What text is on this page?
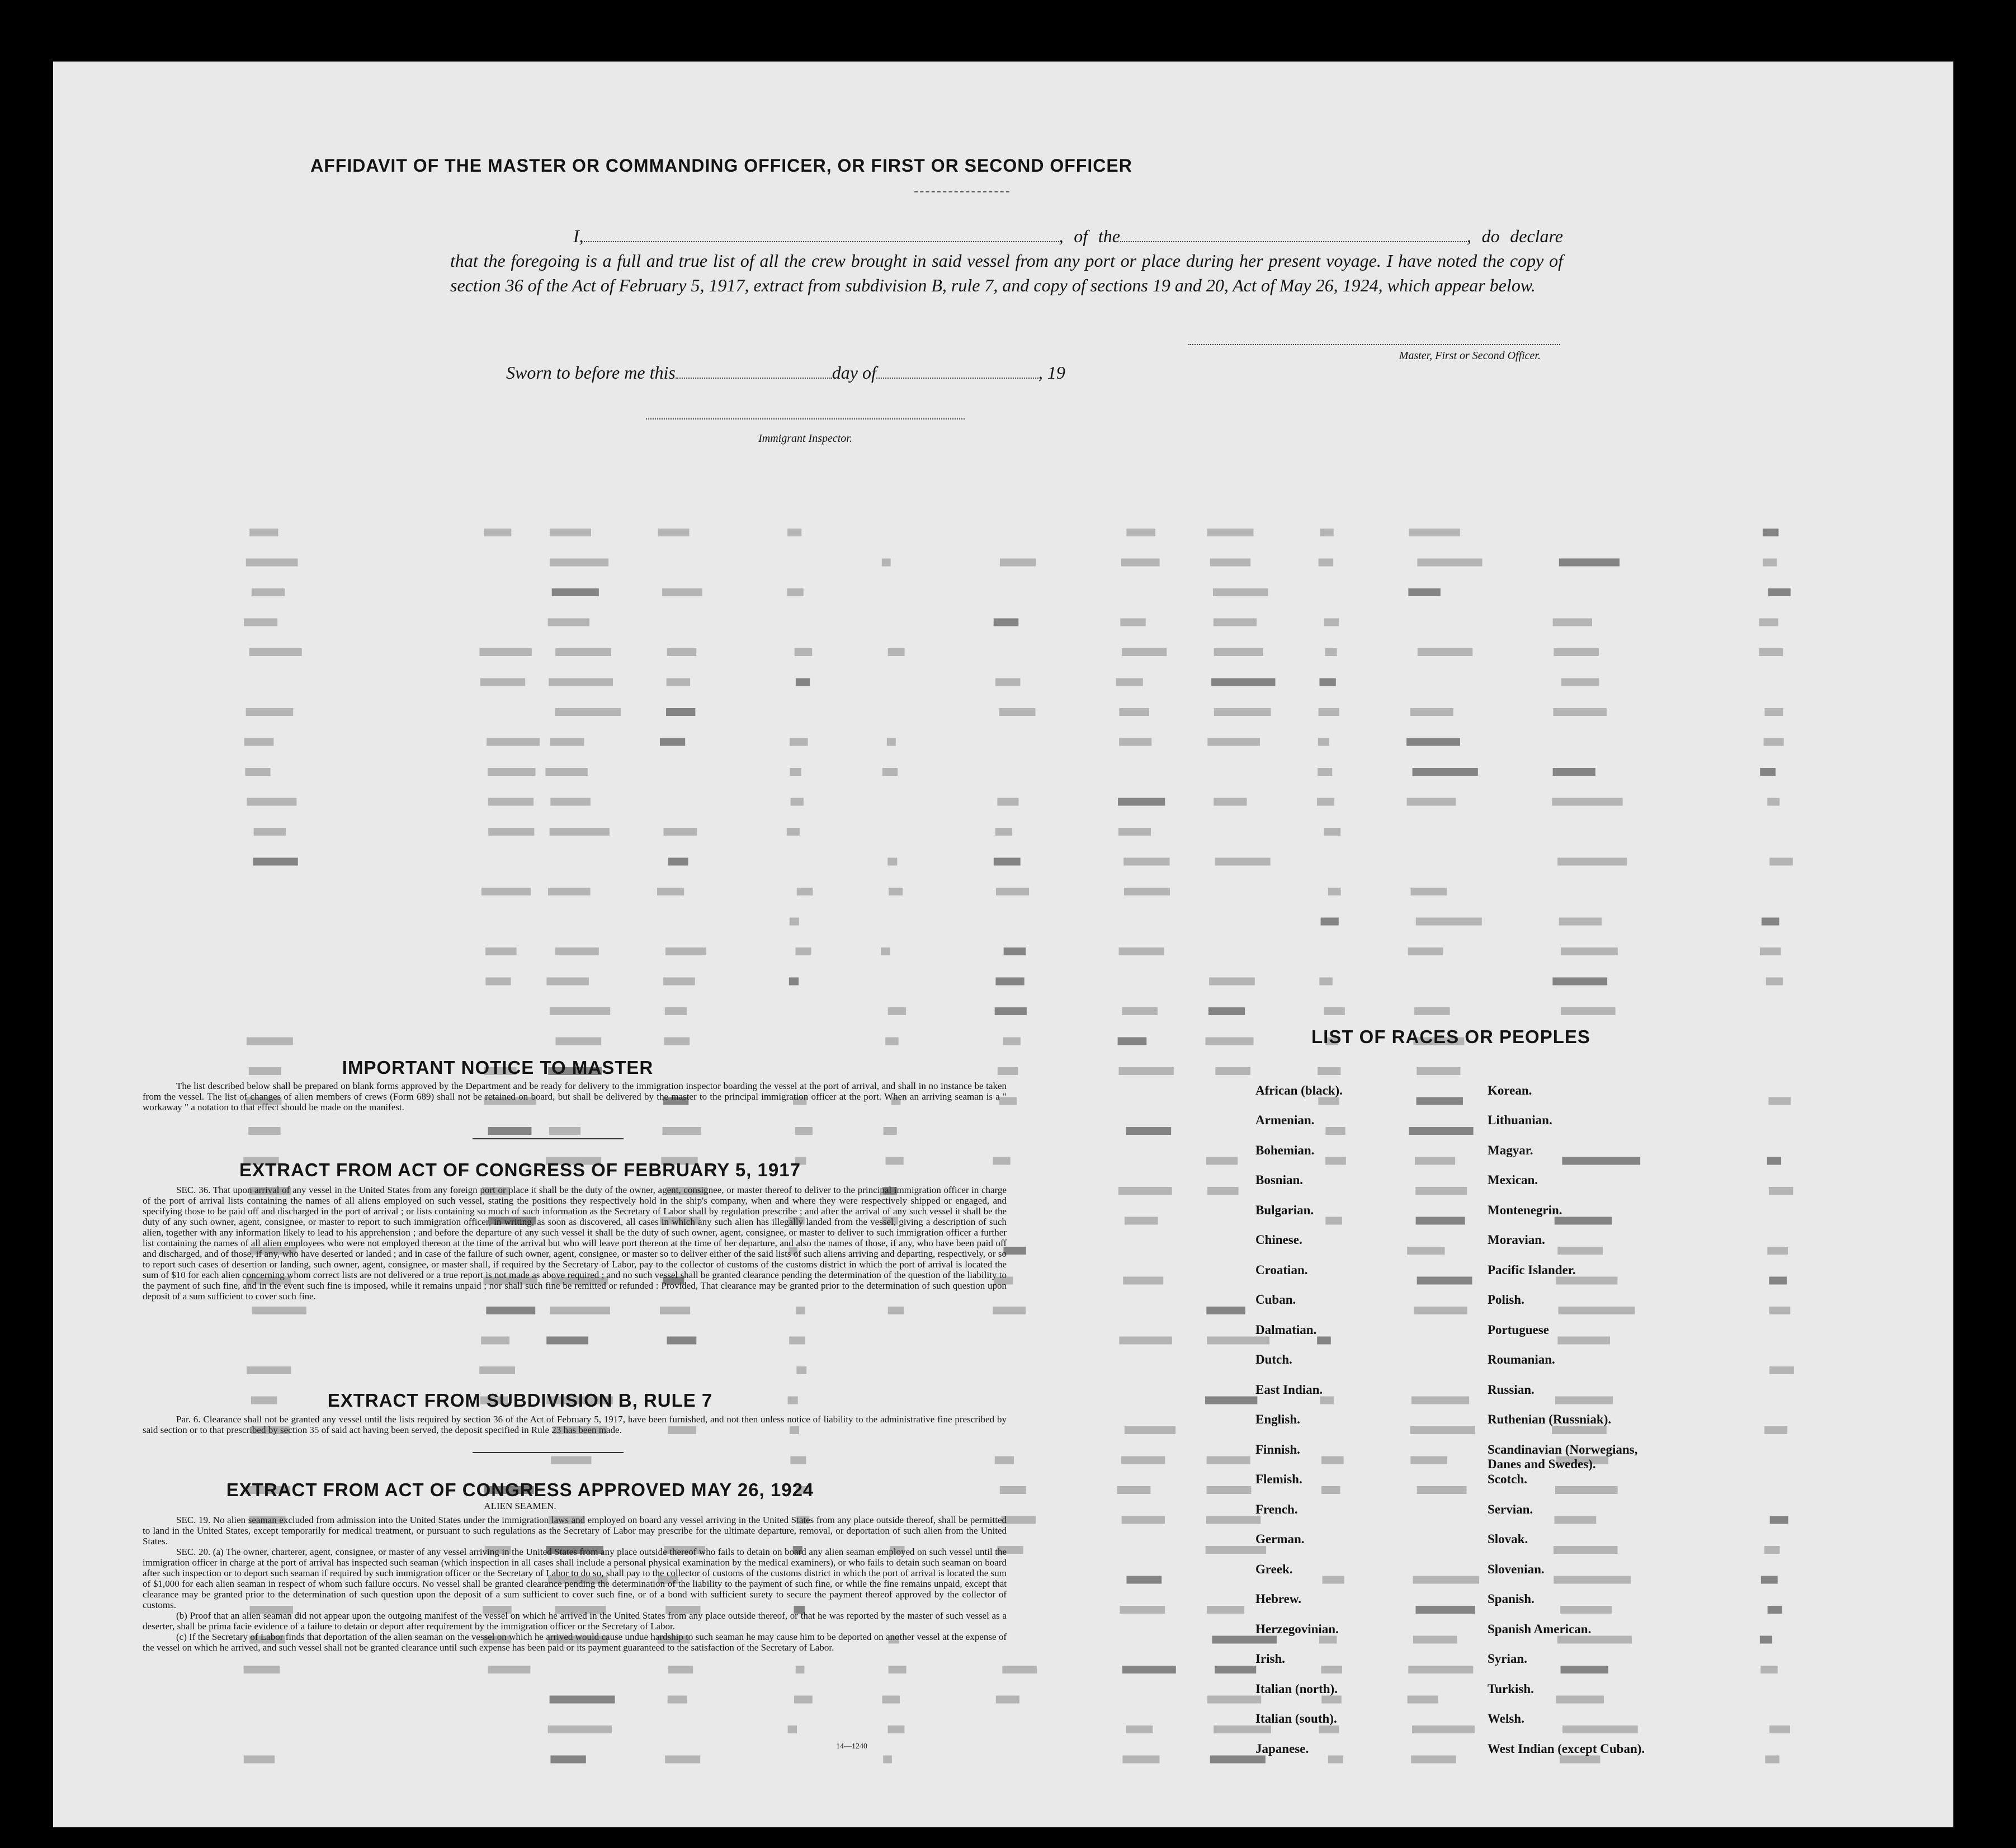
AFFIDAVIT OF THE MASTER OR COMMANDING OFFICER, OR FIRST OR SECOND OFFICER
I,	, of the	, do declare that the foregoing is a full and true list of all the crew brought in said vessel from any port or place during her present voyage. I have noted the copy of section 36 of the Act of February 5, 1917, extract from subdivision B, rule 7, and copy of sections 19 and 20, Act of May 26, 1924, which appear below.
Master, First or Second Officer.
Sworn to before me this	day of	, 19
Immigrant Inspector.
IMPORTANT NOTICE TO MASTER
The list described below shall be prepared on blank forms approved by the Department and be ready for delivery to the immigration inspector boarding the vessel at the port of arrival, and shall in no instance be taken from the vessel. The list of changes of alien members of crews (Form 689) shall not be retained on board, but shall be delivered by the master to the principal immigration officer at the port. When an arriving seaman is a " workaway " a notation to that effect should be made on the manifest.
EXTRACT FROM ACT OF CONGRESS OF FEBRUARY 5, 1917
SEC. 36. That upon arrival of any vessel in the United States from any foreign port or place it shall be the duty of the owner, agent, consignee, or master thereof to deliver to the principal immigration officer in charge of the port of arrival lists containing the names of all aliens employed on such vessel, stating the positions they respectively hold in the ship's company, when and where they were respectively shipped or engaged, and specifying those to be paid off and discharged in the port of arrival ; or lists containing so much of such information as the Secretary of Labor shall by regulation prescribe ; and after the arrival of any such vessel it shall be the duty of any such owner, agent, consignee, or master to report to such immigration officer, in writing, as soon as discovered, all cases in which any such alien has illegally landed from the vessel, giving a description of such alien, together with any information likely to lead to his apprehension ; and before the departure of any such vessel it shall be the duty of such owner, agent, consignee, or master to deliver to such immigration officer a further list containing the names of all alien employees who were not employed thereon at the time of the arrival but who will leave port thereon at the time of her departure, and also the names of those, if any, who have been paid off and discharged, and of those, if any, who have deserted or landed ; and in case of the failure of such owner, agent, consignee, or master so to deliver either of the said lists of such aliens arriving and departing, respectively, or so to report such cases of desertion or landing, such owner, agent, consignee, or master shall, if required by the Secretary of Labor, pay to the collector of customs of the customs district in which the port of arrival is located the sum of $10 for each alien concerning whom correct lists are not delivered or a true report is not made as above required ; and no such vessel shall be granted clearance pending the determination of the question of the liability to the payment of such fine, and in the event such fine is imposed, while it remains unpaid ; nor shall such fine be remitted or refunded : Provided, That clearance may be granted prior to the determination of such question upon deposit of a sum sufficient to cover such fine.
EXTRACT FROM SUBDIVISION B, RULE 7
Par. 6. Clearance shall not be granted any vessel until the lists required by section 36 of the Act of February 5, 1917, have been furnished, and not then unless notice of liability to the administrative fine prescribed by said section or to that prescribed by section 35 of said act having been served, the deposit specified in Rule 23 has been made.
EXTRACT FROM ACT OF CONGRESS APPROVED MAY 26, 1924
ALIEN SEAMEN.
SEC. 19. No alien seaman excluded from admission into the United States under the immigration laws and employed on board any vessel arriving in the United States from any place outside thereof, shall be permitted to land in the United States, except temporarily for medical treatment, or pursuant to such regulations as the Secretary of Labor may prescribe for the ultimate departure, removal, or deportation of such alien from the United States.
SEC. 20. (a) The owner, charterer, agent, consignee, or master of any vessel arriving in the United States from any place outside thereof who fails to detain on board any alien seaman employed on such vessel until the immigration officer in charge at the port of arrival has inspected such seaman (which inspection in all cases shall include a personal physical examination by the medical examiners), or who fails to detain such seaman on board after such inspection or to deport such seaman if required by such immigration officer or the Secretary of Labor to do so, shall pay to the collector of customs of the customs district in which the port of arrival is located the sum of $1,000 for each alien seaman in respect of whom such failure occurs. No vessel shall be granted clearance pending the determination of the liability to the payment of such fine, or while the fine remains unpaid, except that clearance may be granted prior to the determination of such question upon the deposit of a sum sufficient to cover such fine, or of a bond with sufficient surety to secure the payment thereof approved by the collector of customs.
(b) Proof that an alien seaman did not appear upon the outgoing manifest of the vessel on which he arrived in the United States from any place outside thereof, or that he was reported by the master of such vessel as a deserter, shall be prima facie evidence of a failure to detain or deport after requirement by the immigration officer or the Secretary of Labor.
(c) If the Secretary of Labor finds that deportation of the alien seaman on the vessel on which he arrived would cause undue hardship to such seaman he may cause him to be deported on another vessel at the expense of the vessel on which he arrived, and such vessel shall not be granted clearance until such expense has been paid or its payment guaranteed to the satisfaction of the Secretary of Labor.
14—1240
LIST OF RACES OR PEOPLES
African (black).
Armenian.
Bohemian.
Bosnian.
Bulgarian.
Chinese.
Croatian.
Cuban.
Dalmatian.
Dutch.
East Indian.
English.
Finnish.
Flemish.
French.
German.
Greek.
Hebrew.
Herzegovinian.
Irish.
Italian (north).
Italian (south).
Japanese.
Korean.
Lithuanian.
Magyar.
Mexican.
Montenegrin.
Moravian.
Pacific Islander.
Polish.
Portuguese
Roumanian.
Russian.
Ruthenian (Russniak).
Scandinavian (Norwegians, Danes and Swedes).
Scotch.
Servian.
Slovak.
Slovenian.
Spanish.
Spanish American.
Syrian.
Turkish.
Welsh.
West Indian (except Cuban).
